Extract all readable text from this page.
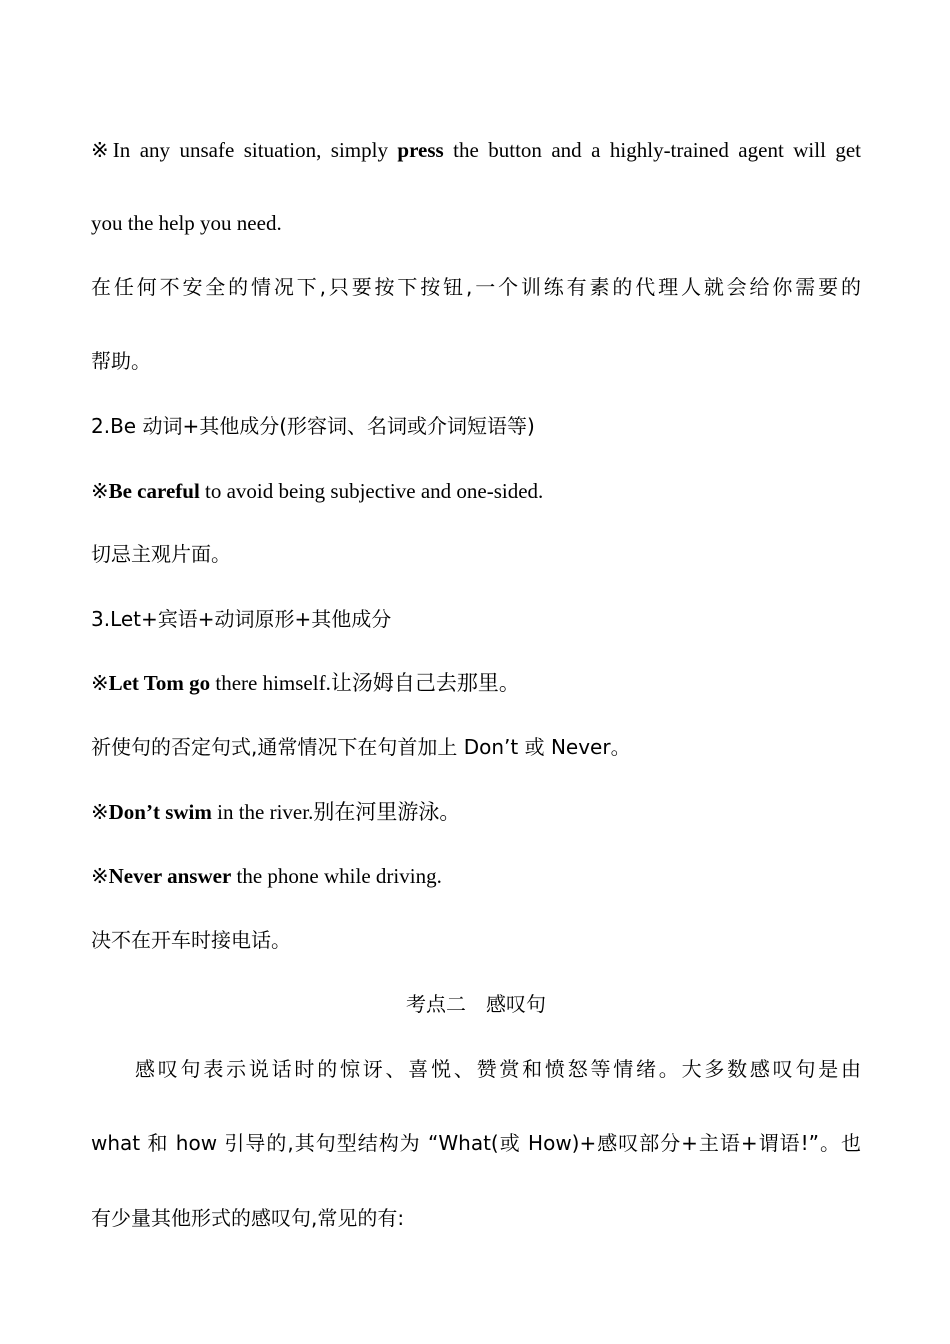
※In any unsafe situation, simply press the button and a highly-trained agent will get
you the help you need.
在任何不安全的情况下,只要按下按钮,一个训练有素的代理人就会给你需要的
帮助。
2.Be 动词+其他成分(形容词、名词或介词短语等)
※Be careful to avoid being subjective and one-sided.
切忌主观片面。
3.Let+宾语+动词原形+其他成分
※Let Tom go there himself.让汤姆自己去那里。
祈使句的否定句式,通常情况下在句首加上 Don’t 或 Never。
※Don’t swim in the river.别在河里游泳。
※Never answer the phone while driving.
决不在开车时接电话。
考点二　感叹句
感叹句表示说话时的惊讶、喜悦、赞赏和愤怒等情绪。大多数感叹句是由
what 和 how 引导的,其句型结构为 “What(或 How)+感叹部分+主语+谓语!”。也
有少量其他形式的感叹句,常见的有:
